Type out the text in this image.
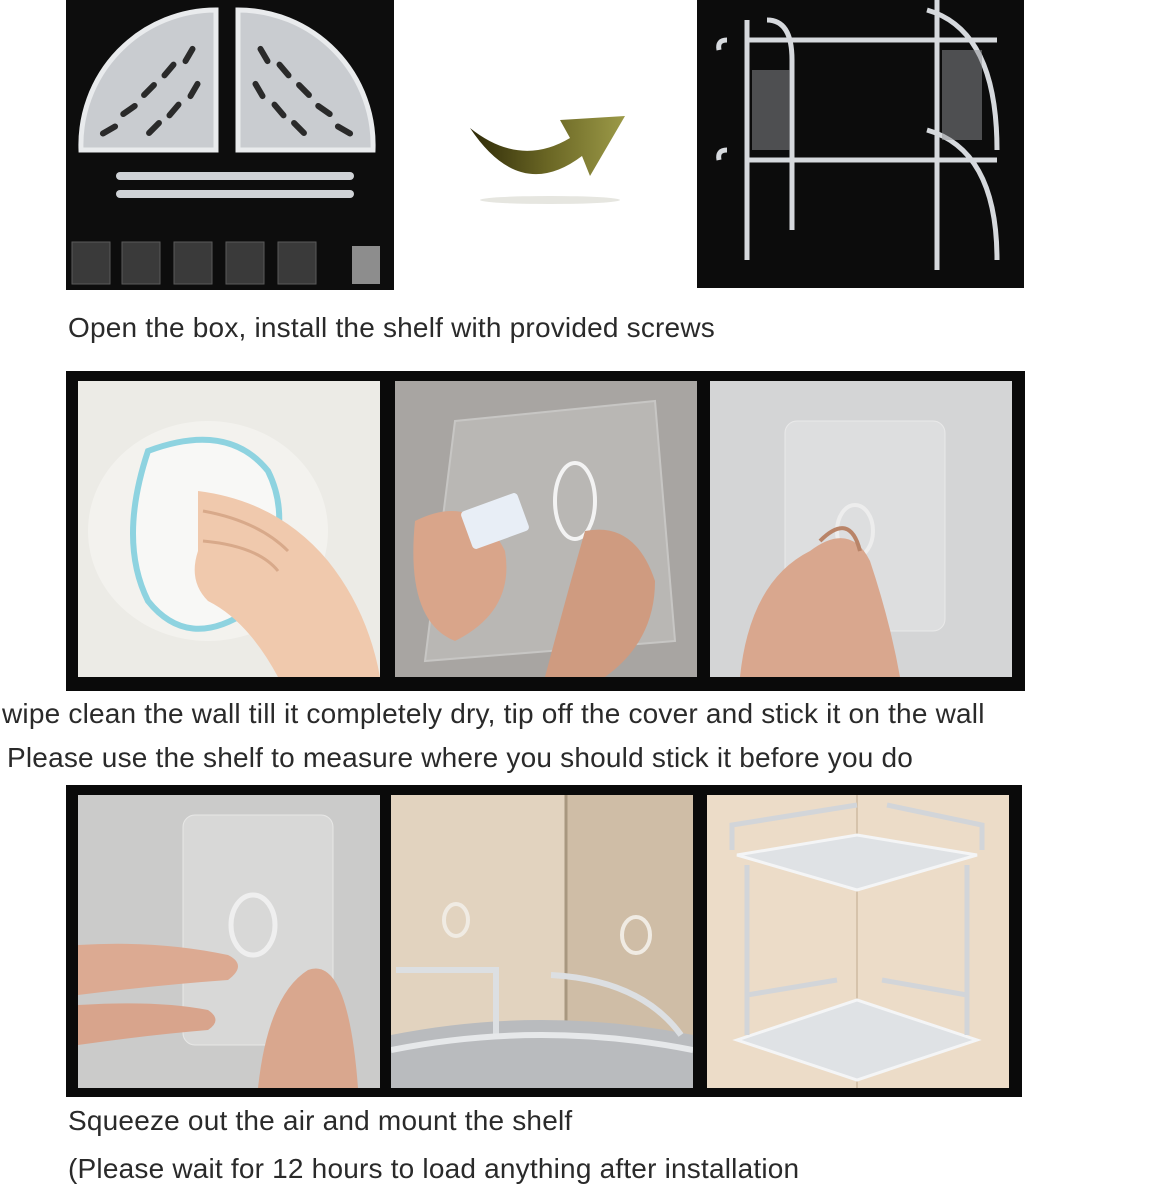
Open the box, install the shelf with provided screws
wipe clean the wall till it completely dry, tip off the cover and stick it on the wall
Please use the shelf to measure where you should stick it before you do
Squeeze out the air and mount the shelf
(Please wait for 12 hours to load anything after installation
